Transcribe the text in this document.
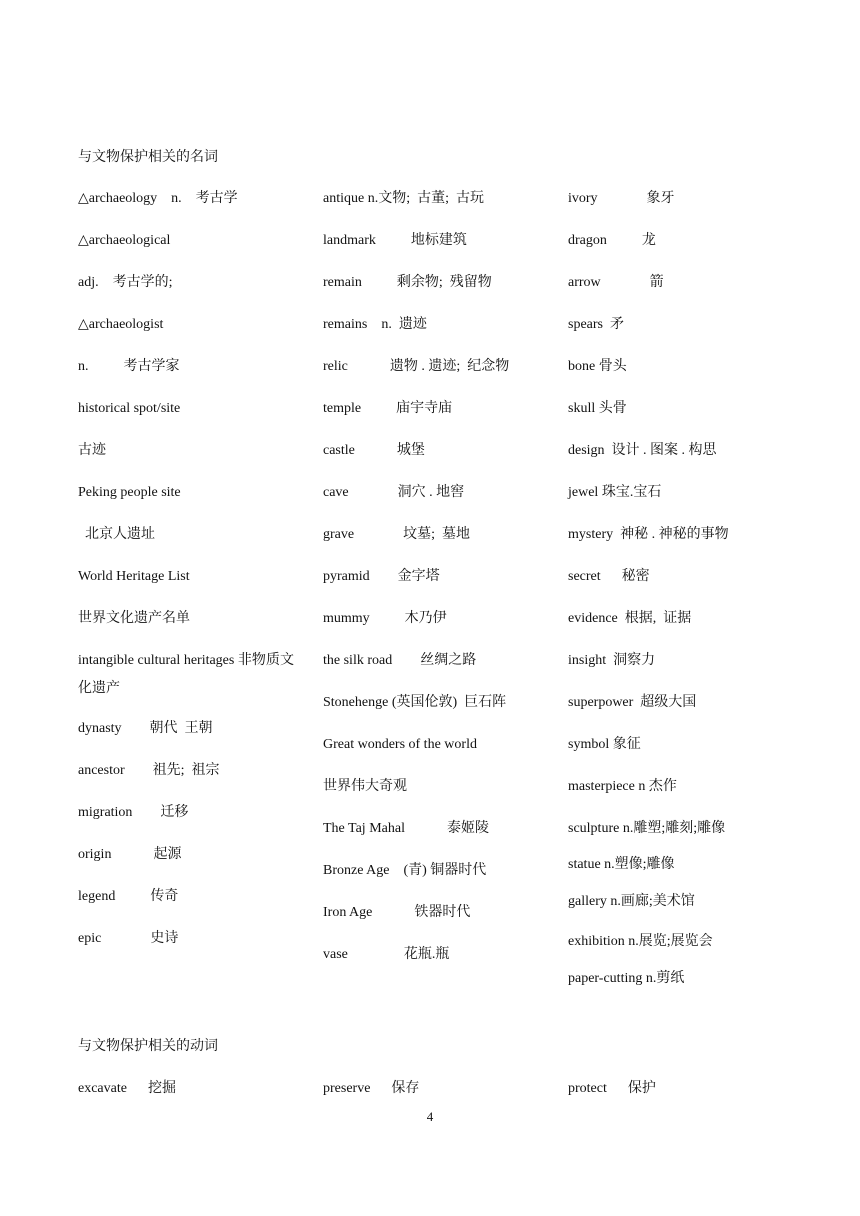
与文物保护相关的名词

△archaeology    n.    考古学

△archaeological

adj.    考古学的;

△archaeologist

n.          考古学家

historical spot/site

古迹

Peking people site

北京人遗址

World Heritage List

世界文化遗产名单

intangible cultural heritages 非物质文化遗产

dynasty        朝代  王朝

ancestor        祖先;  祖宗

migration        迁移

origin            起源

legend          传奇

epic              史诗

antique n.文物;  古董;  古玩

landmark          地标建筑

remain          剩余物;  残留物

remains    n.  遗迹

relic            遗物 . 遗迹;  纪念物

temple          庙宇寺庙

castle            城堡

cave              洞穴 . 地窖

grave              坟墓;  墓地

pyramid        金字塔

mummy          木乃伊

the silk road        丝绸之路

Stonehenge (英国伦敦)  巨石阵

Great wonders of the world

世界伟大奇观

The Taj Mahal            泰姬陵

Bronze Age    (青) 铜器时代

Iron Age            铁器时代

vase                花瓶.瓶

ivory              象牙

dragon          龙

arrow              箭

spears  矛

bone 骨头

skull 头骨

design  设计 . 图案 . 构思

jewel 珠宝.宝石

mystery  神秘 . 神秘的事物

secret      秘密

evidence  根据,  证据

insight  洞察力

superpower  超级大国

symbol 象征

masterpiece n 杰作

sculpture n.雕塑;雕刻;雕像

statue n.塑像;雕像

gallery n.画廊;美术馆

exhibition n.展览;展览会

paper-cutting n.剪纸

与文物保护相关的动词
excavate      挖掘	preserve      保存	protect      保护
4
